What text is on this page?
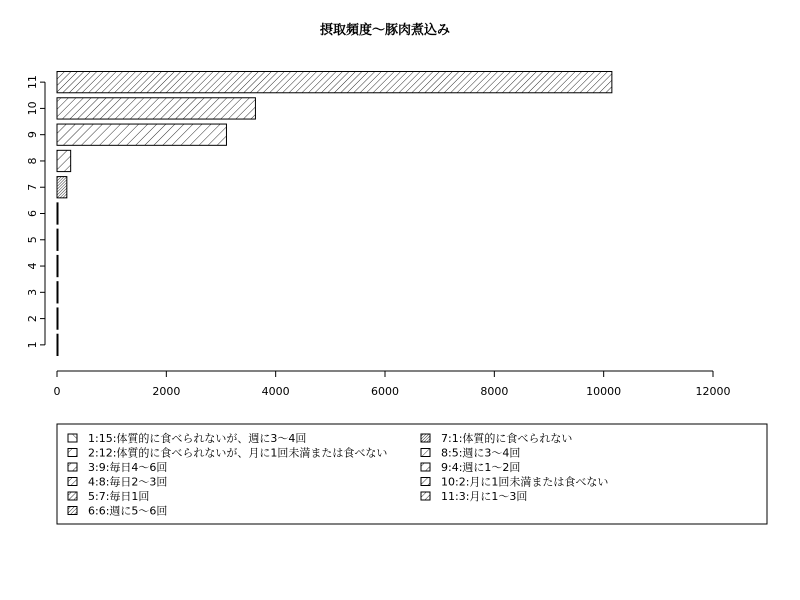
摂取頻度～豚肉煮込み
1
2
3
4
5
6
7
8
9
10
11
0	2000	4000	6000	8000	10000	12000
1:15:体質的に食べられないが、週に3～4回
2:12:体質的に食べられないが、月に1回未満または食べない
3:9:毎日4～6回
4:8:毎日2～3回
5:7:毎日1回
6:6:週に5～6回
7:1:体質的に食べられない
8:5:週に3～4回
9:4:週に1～2回
10:2:月に1回未満または食べない
11:3:月に1～3回
